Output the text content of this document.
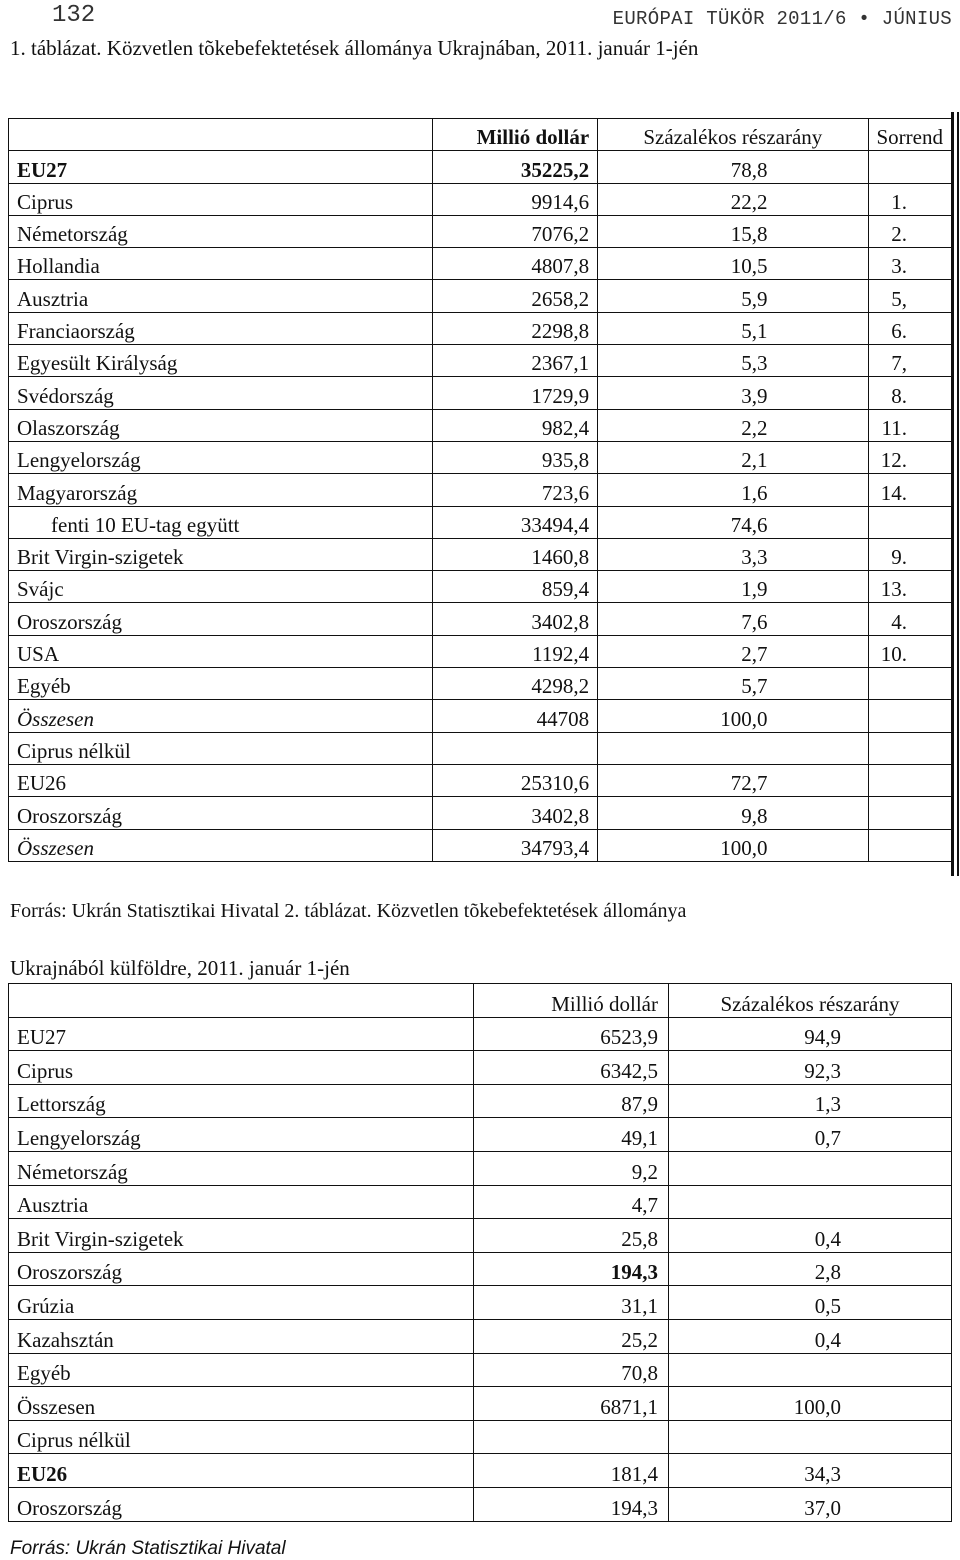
132	EURÓPAI TÜKÖR 2011/6 • JÚNIUS
1. táblázat. Közvetlen tõkebefektetések állománya Ukrajnában, 2011. január 1-jén
	Millió dollár	Százalékos részarány	Sorrend
EU27	35225,2	78,8	
Ciprus	9914,6	22,2	1.
Németország	7076,2	15,8	2.
Hollandia	4807,8	10,5	3.
Ausztria	2658,2	5,9	5,
Franciaország	2298,8	5,1	6.
Egyesült Királyság	2367,1	5,3	7,
Svédország	1729,9	3,9	8.
Olaszország	982,4	2,2	11.
Lengyelország	935,8	2,1	12.
Magyarország	723,6	1,6	14.
fenti 10 EU-tag együtt	33494,4	74,6	
Brit Virgin-szigetek	1460,8	3,3	9.
Svájc	859,4	1,9	13.
Oroszország	3402,8	7,6	4.
USA	1192,4	2,7	10.
Egyéb	4298,2	5,7	
Összesen	44708	100,0	
Ciprus nélkül			
EU26	25310,6	72,7	
Oroszország	3402,8	9,8	
Összesen	34793,4	100,0	
Forrás: Ukrán Statisztikai Hivatal 2. táblázat. Közvetlen tõkebefektetések állománya
Ukrajnából külföldre, 2011. január 1-jén
	Millió dollár	Százalékos részarány
EU27	6523,9	94,9
Ciprus	6342,5	92,3
Lettország	87,9	1,3
Lengyelország	49,1	0,7
Németország	9,2	
Ausztria	4,7	
Brit Virgin-szigetek	25,8	0,4
Oroszország	194,3	2,8
Grúzia	31,1	0,5
Kazahsztán	25,2	0,4
Egyéb	70,8	
Összesen	6871,1	100,0
Ciprus nélkül		
EU26	181,4	34,3
Oroszország	194,3	37,0
Forrás: Ukrán Statisztikai Hivatal
